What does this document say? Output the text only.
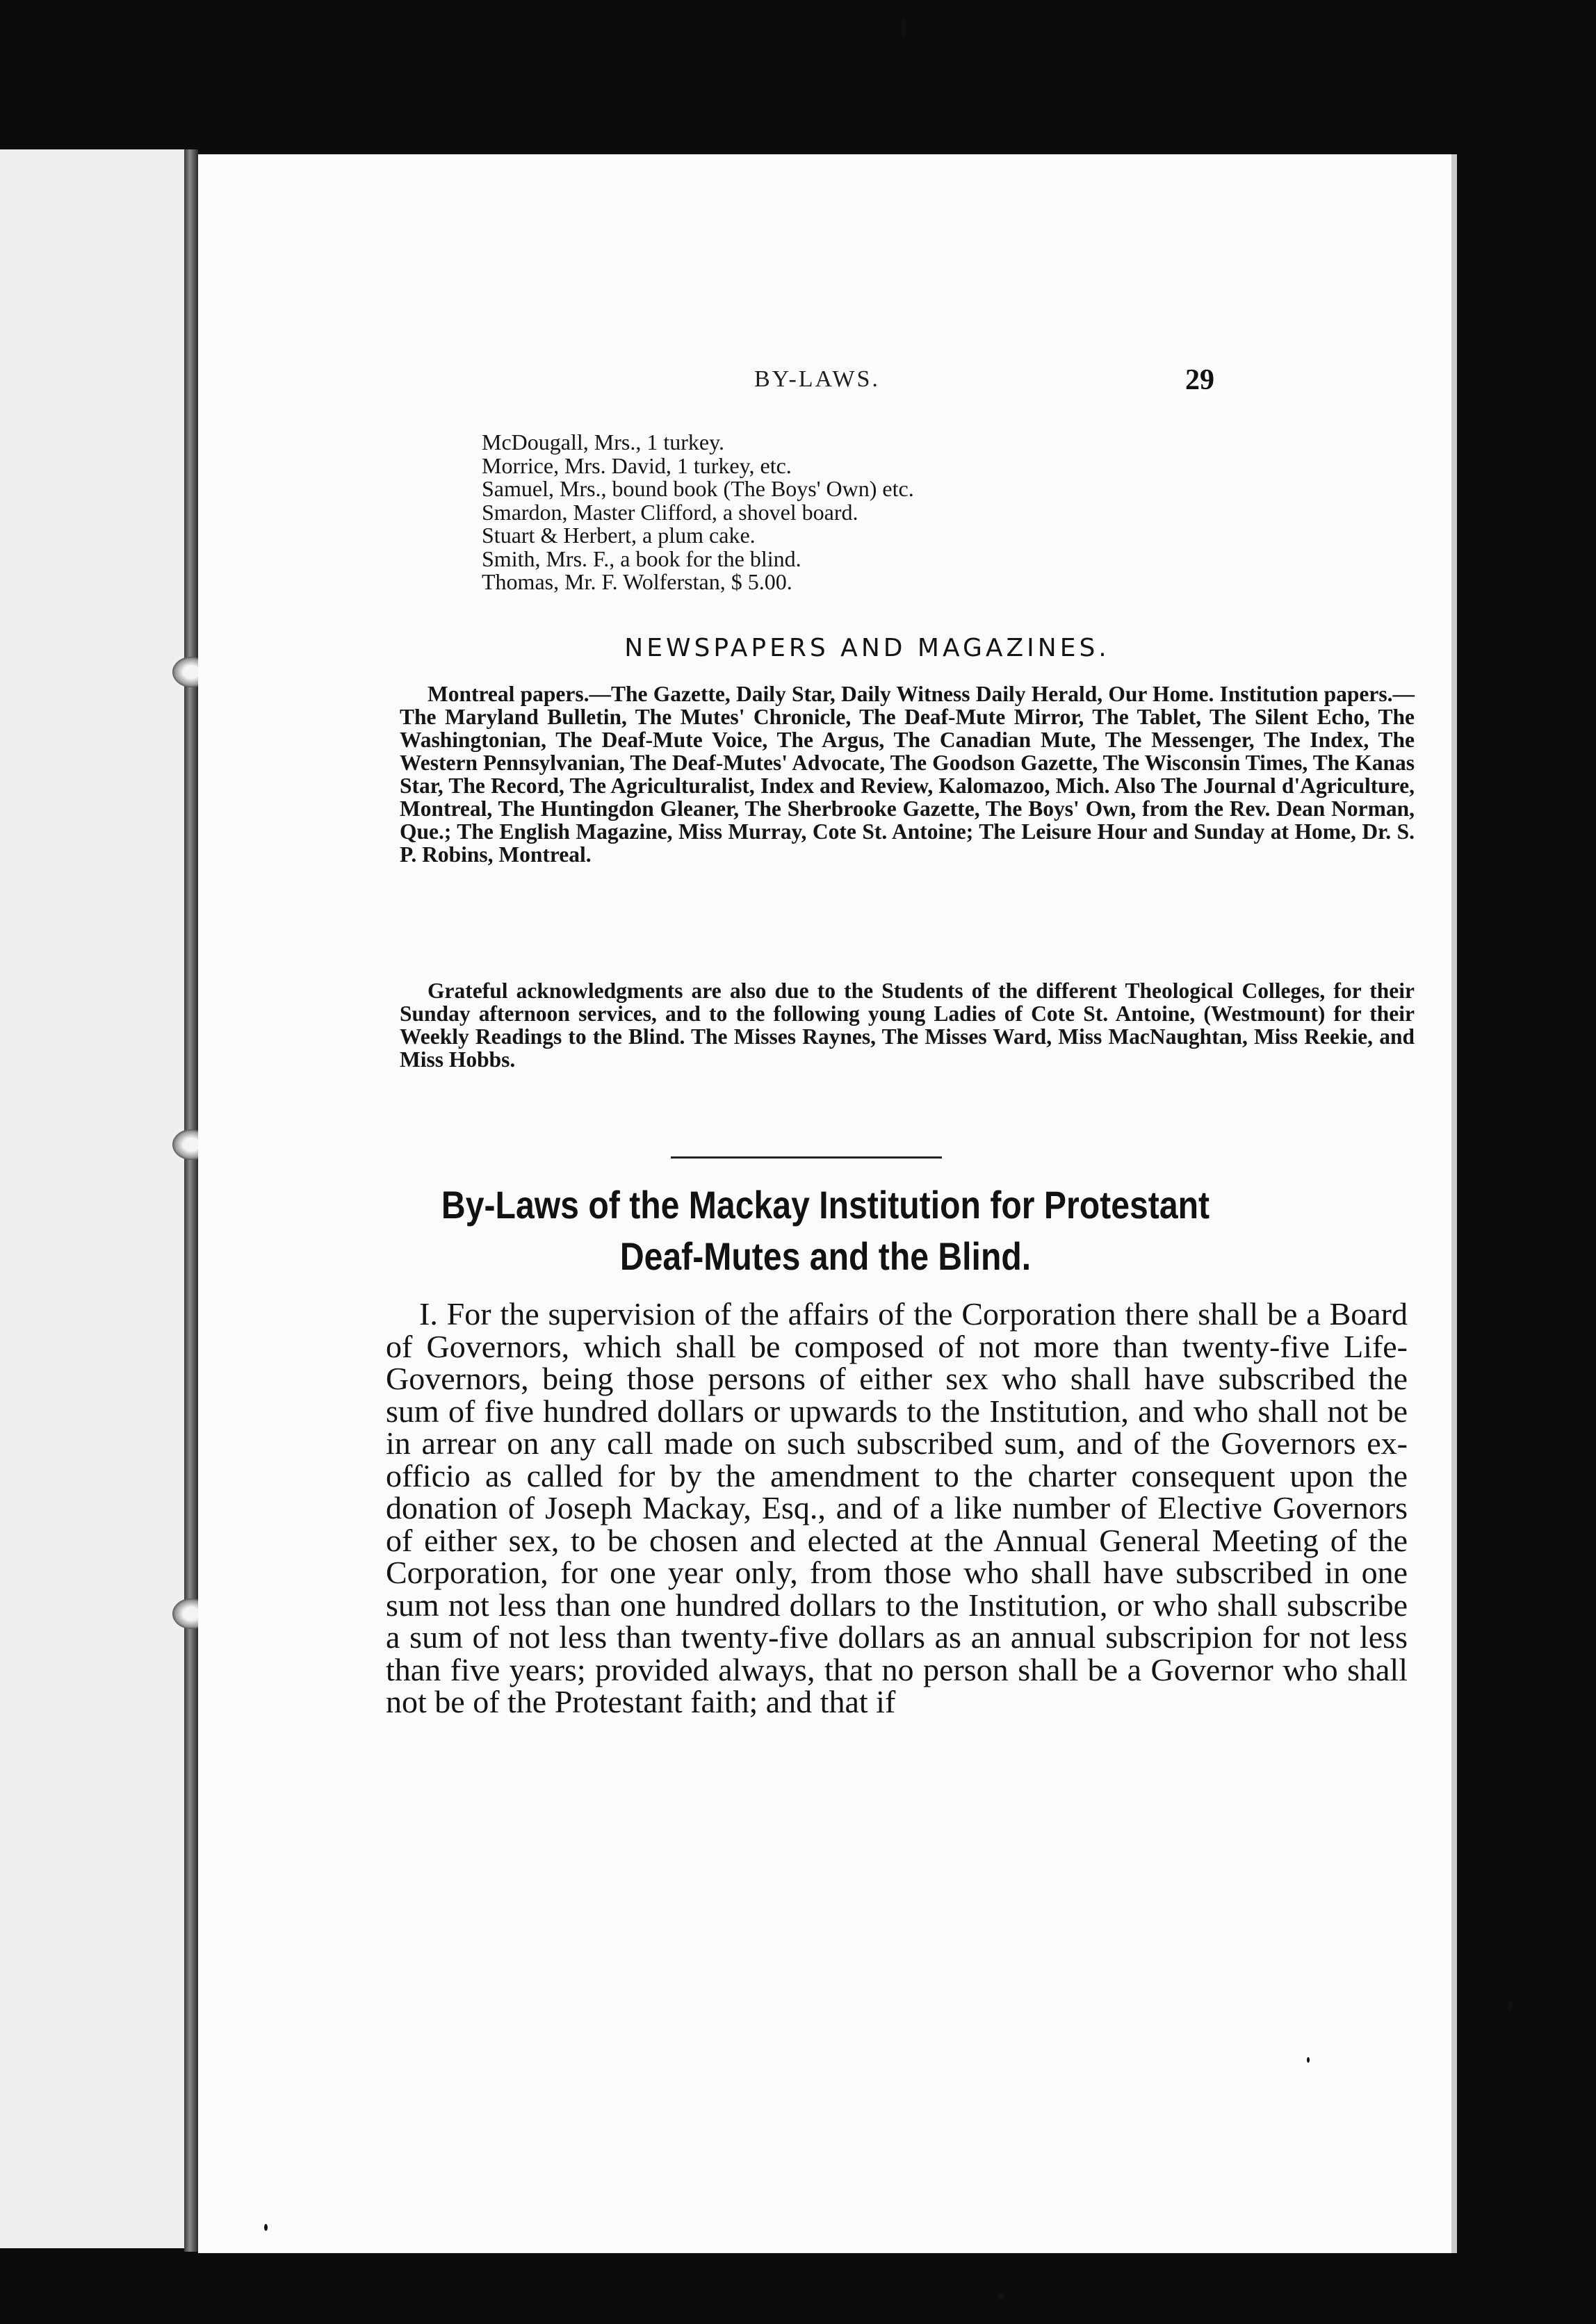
BY-LAWS.	29
McDougall, Mrs., 1 turkey.
Morrice, Mrs. David, 1 turkey, etc.
Samuel, Mrs., bound book (The Boys' Own) etc.
Smardon, Master Clifford, a shovel board.
Stuart & Herbert, a plum cake.
Smith, Mrs. F., a book for the blind.
Thomas, Mr. F. Wolferstan, $ 5.00.
NEWSPAPERS AND MAGAZINES.
Montreal papers.—The Gazette, Daily Star, Daily Witness Daily Herald, Our Home. Institution papers.—The Maryland Bulletin, The Mutes' Chronicle, The Deaf-Mute Mirror, The Tablet, The Silent Echo, The Washingtonian, The Deaf-Mute Voice, The Argus, The Canadian Mute, The Messenger, The Index, The Western Pennsylvanian, The Deaf-Mutes' Advocate, The Goodson Gazette, The Wisconsin Times, The Kanas Star, The Record, The Agriculturalist, Index and Review, Kalomazoo, Mich. Also The Journal d'Agriculture, Montreal, The Huntingdon Gleaner, The Sherbrooke Gazette, The Boys' Own, from the Rev. Dean Norman, Que.; The English Magazine, Miss Murray, Cote St. Antoine; The Leisure Hour and Sunday at Home, Dr. S. P. Robins, Montreal.
Grateful acknowledgments are also due to the Students of the different Theological Colleges, for their Sunday afternoon services, and to the following young Ladies of Cote St. Antoine, (Westmount) for their Weekly Readings to the Blind. The Misses Raynes, The Misses Ward, Miss MacNaughtan, Miss Reekie, and Miss Hobbs.
By-Laws of the Mackay Institution for Protestant
Deaf-Mutes and the Blind.
I. For the supervision of the affairs of the Corporation there shall be a Board of Governors, which shall be composed of not more than twenty-five Life-Governors, being those persons of either sex who shall have subscribed the sum of five hundred dollars or upwards to the Institution, and who shall not be in arrear on any call made on such subscribed sum, and of the Governors ex-officio as called for by the amendment to the charter consequent upon the donation of Joseph Mackay, Esq., and of a like number of Elective Governors of either sex, to be chosen and elected at the Annual General Meeting of the Corporation, for one year only, from those who shall have subscribed in one sum not less than one hundred dollars to the Institution, or who shall subscribe a sum of not less than twenty-five dollars as an annual subscripion for not less than five years; provided always, that no person shall be a Governor who shall not be of the Protestant faith; and that if
